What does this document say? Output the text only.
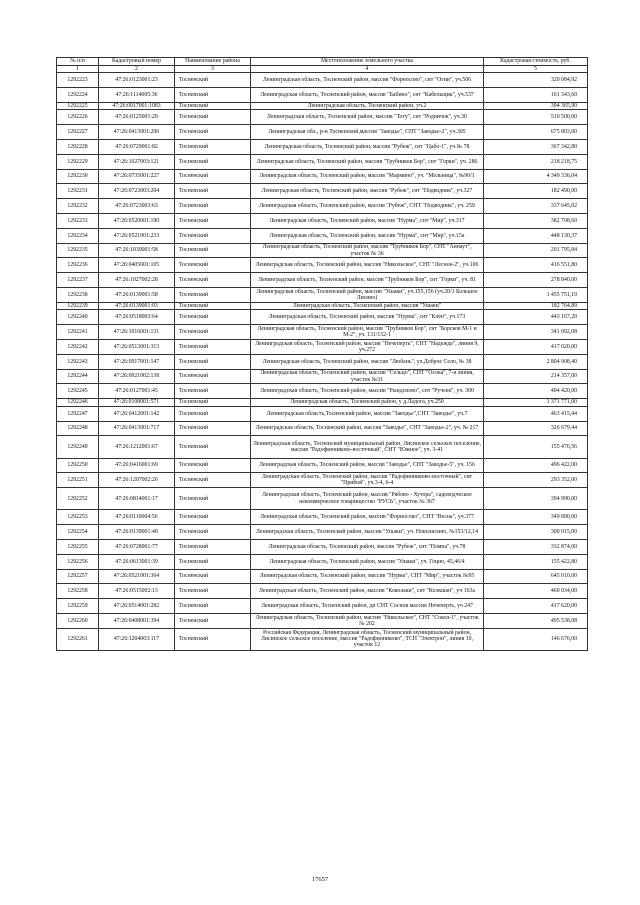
№ п/п	Кадастровый номер	Наименование района	Местоположение земельного участка	Кадастровая стоимость, руб.
1	2	3	4	5
1292223	47:26:0123001:23	Тосненский	Ленинградская область, Тосненский район, массив "Форносово", снт "Огни", уч.506	320 084,92
1292224	47:26:1114005:36	Тосненский	Ленинградская область, Тосненский район, массив "Бабино", снт "Кабельщик", уч.537	161 343,60
1292225	47:26:0917001:1083	Тосненский	Ленинградская область, Тосненский район, уч.2	394 365,90
1292226	47:26:0125001:29	Тосненский	Ленинградская область, Тосненский район, массив "Тогу", снт "Родничок", уч.30	510 500,00
1292227	47:26:0413001:206	Тосненский	Ленинградская обл., р-н Тосненский,массив "Заводье", СНТ "Заводье-2", уч.305	675 803,00
1292228	47:26:0729001:82	Тосненский	Ленинградская область, Тосненский район, массив "Рубеж", снт "Цабо-1", уч.№ 78	367 342,80
1292229	47:26:1027003:121	Тосненский	Ленинградская область, Тосненский район, массив "Трубников Бор", снт "Горки", уч. 286	218 218,75
1292230	47:26:0735001:227	Тосненский	Ленинградская область, Тосненский район, массив "Мармино", уч. "Мельница", №90/1	4 349 336,04
1292231	47:26:0723003:204	Тосненский	Ленинградская область, Тосненский район, массив "Рубеж", снт "Подводник", уч.327	182 490,00
1292232	47:26:0723003:63	Тосненский	Ленинградская область, Тосненский район, массив "Рубеж", СНТ "Подводник", уч. 259	337 645,02
1292233	47:26:0520001:190	Тосненский	Ленинградская область, Тосненский район, массив "Нурма", снт "Мир", уч.317	382 708,60
1292234	47:26:0521001:233	Тосненский	Ленинградская область, Тосненский район, массив "Нурма", снт "Мир", уч.15а	448 130,37
1292235	47:26:1030001:58	Тосненский	Ленинградская область, Тосненский район, массив "Трубников Бор", СНТ "Аннаут", участок № 36	201 795,84
1292236	47:26:0405001:105	Тосненский	Ленинградская область, Тосненский район, массив "Никольское", СНТ "Лесное-2", уч.106	416 551,80
1292237	47:26:1027002:28	Тосненский	Ленинградская область, Тосненский район, массив "Трубников Бор", снт "Горки", уч. 81	278 840,00
1292238	47:26:0139001:58	Тосненский	Ленинградская область, Тосненский район, массив "Ушаки", уч.155,156 (уч.20/1 Большое Лисино)	1 455 751,19
1292239	47:26:0139001:93	Тосненский	Ленинградская область, Тосненский район, массив "Ушаки"	182 764,89
1292240	47:26:0518003:64	Тосненский	Ленинградская область, Тосненский район, массив "Нурма", снт "Клен", уч.173	443 167,20
1292241	47:26:1016001:131	Тосненский	Ленинградская область, Тосненский район, массив "Трубников Бор", снт "Борсков М-1 и М-2", уч. 131/132-1	341 092,08
1292242	47:26:0513001:313	Тосненский	Ленинградская область, Тосненский район, массив "Нечеперть", СНТ "Надежда", линия 9, уч.272	417 020,00
1292243	47:26:0917001:147	Тосненский	Ленинградская область, Тосненский район, массив "Любань", ул.Доброе Село, № 38	2 804 908,40
1292244	47:26:0921002:138	Тосненский	Ленинградская область, Тосненский район, массив "Сельцо", СНТ "Осока", 7-я линия, участок №31	214 357,00
1292245	47:26:0127001:45	Тосненский	Ленинградская область, Тосненский район, массив "Рындолово", снт "Ручеек", уч. 300	494 420,00
1292246	47:26:0108001:571	Тосненский	Ленинградская область, Тосненский район, у д.Ладога, уч.250	1 371 771,00
1292247	47:26:0412001:142	Тосненский	Ленинградская область,Тосненский район, массив "Заводье",СНТ "Заводье", уч.7	463 415,44
1292248	47:26:0413001:717	Тосненский	Ленинградская область, Тосненский район, массив "Заводье", СНТ "Заводье-2", уч. № 217	326 679,44
1292249	47:26:1212001:67	Тосненский	Ленинградская область, Тосненский муниципальный район, Лисинское сельское поселение, массив "Радофинниково-восточный", СНТ "Южное", уч. 3-41	155 476,56
1292250	47:26:0416001:69	Тосненский	Ленинградская область, Тосненский район, массив "Заводье", СНТ "Заводье-5", уч. 156	496 422,00
1292251	47:26:1207002:26	Тосненский	Ленинградская область, Тосненский район, массив "Радофинниково-восточный", снт "Прибой", уч.3-4, 6-4	293 352,00
1292252	47:26:0814001:17	Тосненский	Ленинградская область, Тосненский район, массив "Рябово - Хутора", садоводческое некоммерческое товарищество "РУСЬ", участок № 367	394 990,00
1292253	47:26:0110004:56	Тосненский	Ленинградская область, Тосненский район, массив "Форносово", СНТ "Весна", уч.377	349 890,00
1292254	47:26:0139001:40	Тосненский	Ленинградская область, Тосненский район, массив "Ушаки", уч. Новолисино, №153/12,14	300 015,00
1292255	47:26:0728001:77	Тосненский	Ленинградская область, Тосненский район, массив "Рубеж", снт "Помпа", уч.78	332 874,00
1292256	47:26:0613001:39	Тосненский	Ленинградская область, Тосненский район, массив "Ушаки", уч. Гоцно, 45,46/4	155 422,80
1292257	47:26:0521001:364	Тосненский	Ленинградская область, Тосненский район, массив "Нурма", СНТ "Мир", участок №95	645 010,00
1292258	47:26:0515002:13	Тосненский	Ленинградская область, Тосненский район, массив "Коколаки", снт "Колкшан", уч 163а	460 034,00
1292259	47:26:0514001:282	Тосненский	Ленинградская область, Тосненский район, дп СНТ Соснов массив Нечеперть, уч 247	417 620,00
1292260	47:26:0408001:394	Тосненский	Ленинградская область, Тосненский район, массив "Никольское", СНТ "Сокол-1", участок № 202	495 538,08
1292261	47:26:1204003:117	Тосненский	Российская Федерация, Ленинградская область, Тосненский муниципальный район, Лисинское сельское поселение, массив "Радофинниково", ТСН "Электрон", линия 10, участок 12	146 676,00
17657
